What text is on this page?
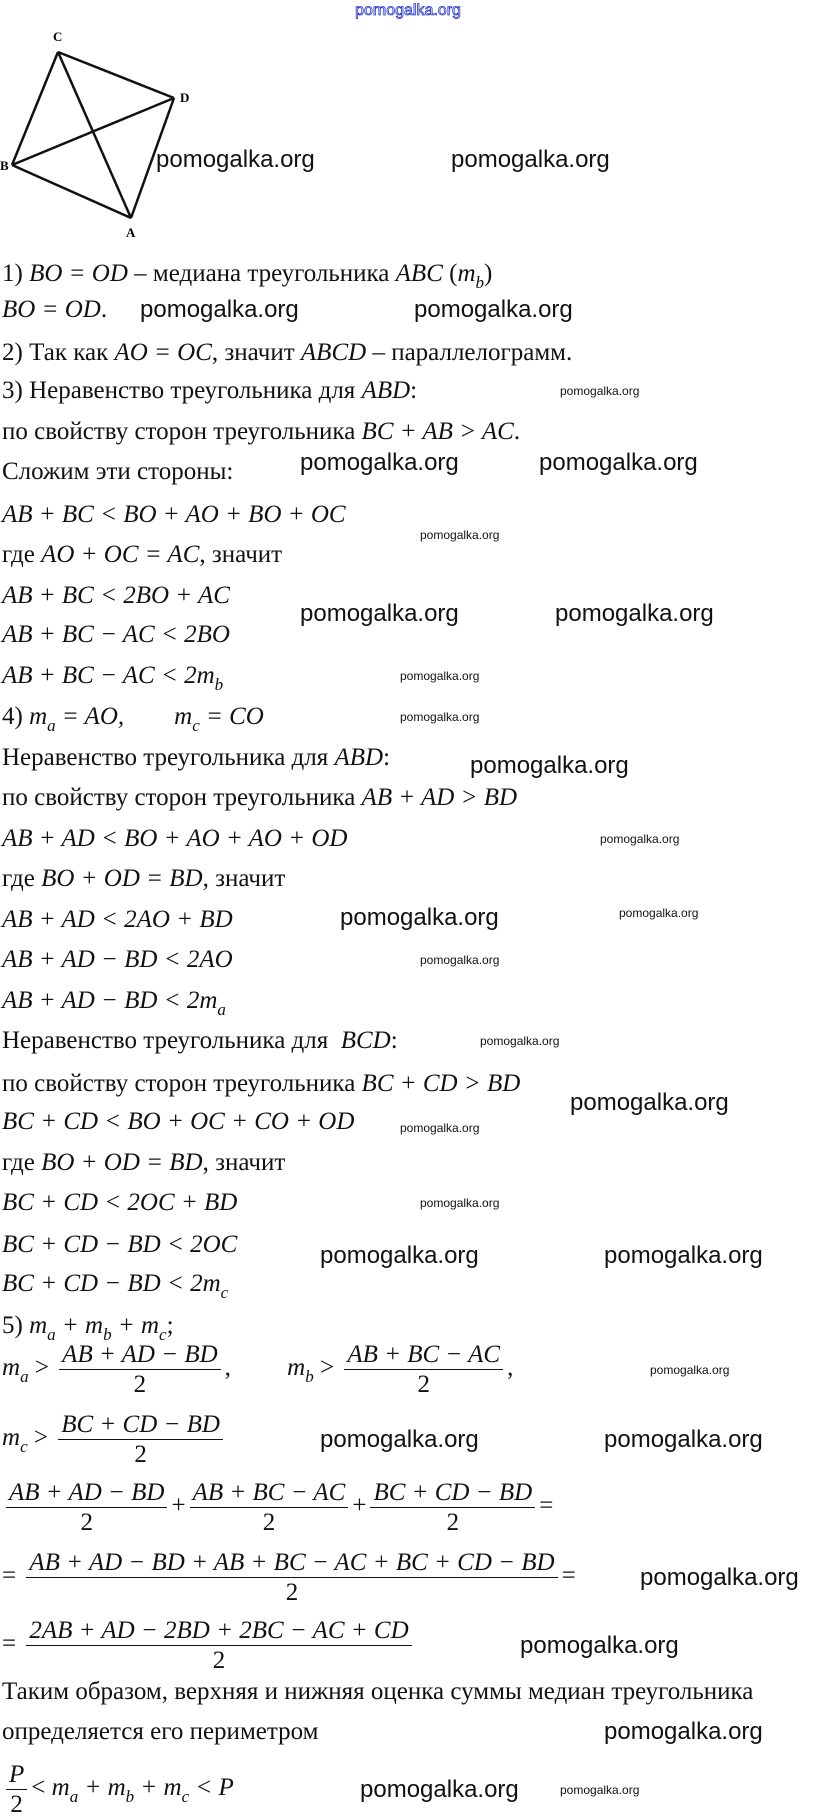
pomogalka.org
C
D
B
A
1) BO = OD – медиана треугольника ABC $(m_b)$
BO = OD.
2) Так как AO = OC, значит ABCD – параллелограмм.
3) Неравенство треугольника для ABD:
по свойству сторон треугольника BC + AB > AC.
Сложим эти стороны:
AB + BC < BO + AO + BO + OC
где AO + OC = AC, значит
AB + BC < 2BO + AC
AB + BC − AC < 2BO
AB + BC − AC < $2m_b$
4) $m_a$ = AO, $m_c$ = CO
Неравенство треугольника для ABD:
по свойству сторон треугольника AB + AD > BD
AB + AD < BO + AO + AO + OD
где BO + OD = BD, значит
AB + AD < 2AO + BD
AB + AD − BD < 2AO
AB + AD − BD < $2m_a$
Неравенство треугольника для  BCD:
по свойству сторон треугольника BC + CD > BD
BC + CD < BO + OC + CO + OD
где BO + OD = BD, значит
BC + CD < 2OC + BD
BC + CD − BD < 2OC
BC + CD − BD < $2m_c$
5) $m_a + m_b + m_c$;
$m_a > \frac{AB + AD - BD}{2}$ ,         $m_b > \frac{AB + BC - AC}{2}$ ,
$m_c > \frac{BC + CD - BD}{2}$
$\frac{AB + AD - BD}{2} + \frac{AB + BC - AC}{2} + \frac{BC + CD - BD}{2}$ =
= $\frac{AB + AD - BD + AB + BC - AC + BC + CD - BD}{2}$ =
= $\frac{2AB + AD - 2BD + 2BC - AC + CD}{2}$
Таким образом, верхняя и нижняя оценка суммы медиан треугольника
определяется его периметром
$\frac{P}{2} < m_a + m_b + m_c < P$
pomogalka.org	pomogalka.org
pomogalka.org	pomogalka.org
pomogalka.org	pomogalka.org
pomogalka.org	pomogalka.org
pomogalka.org
pomogalka.org
pomogalka.org
pomogalka.org	pomogalka.org
pomogalka.org	pomogalka.org
pomogalka.org
pomogalka.org
pomogalka.org
pomogalka.org
pomogalka.org
pomogalka.org
pomogalka.org
pomogalka.org
pomogalka.org
pomogalka.org
pomogalka.org
pomogalka.org
pomogalka.org
pomogalka.org
pomogalka.org
pomogalka.org
